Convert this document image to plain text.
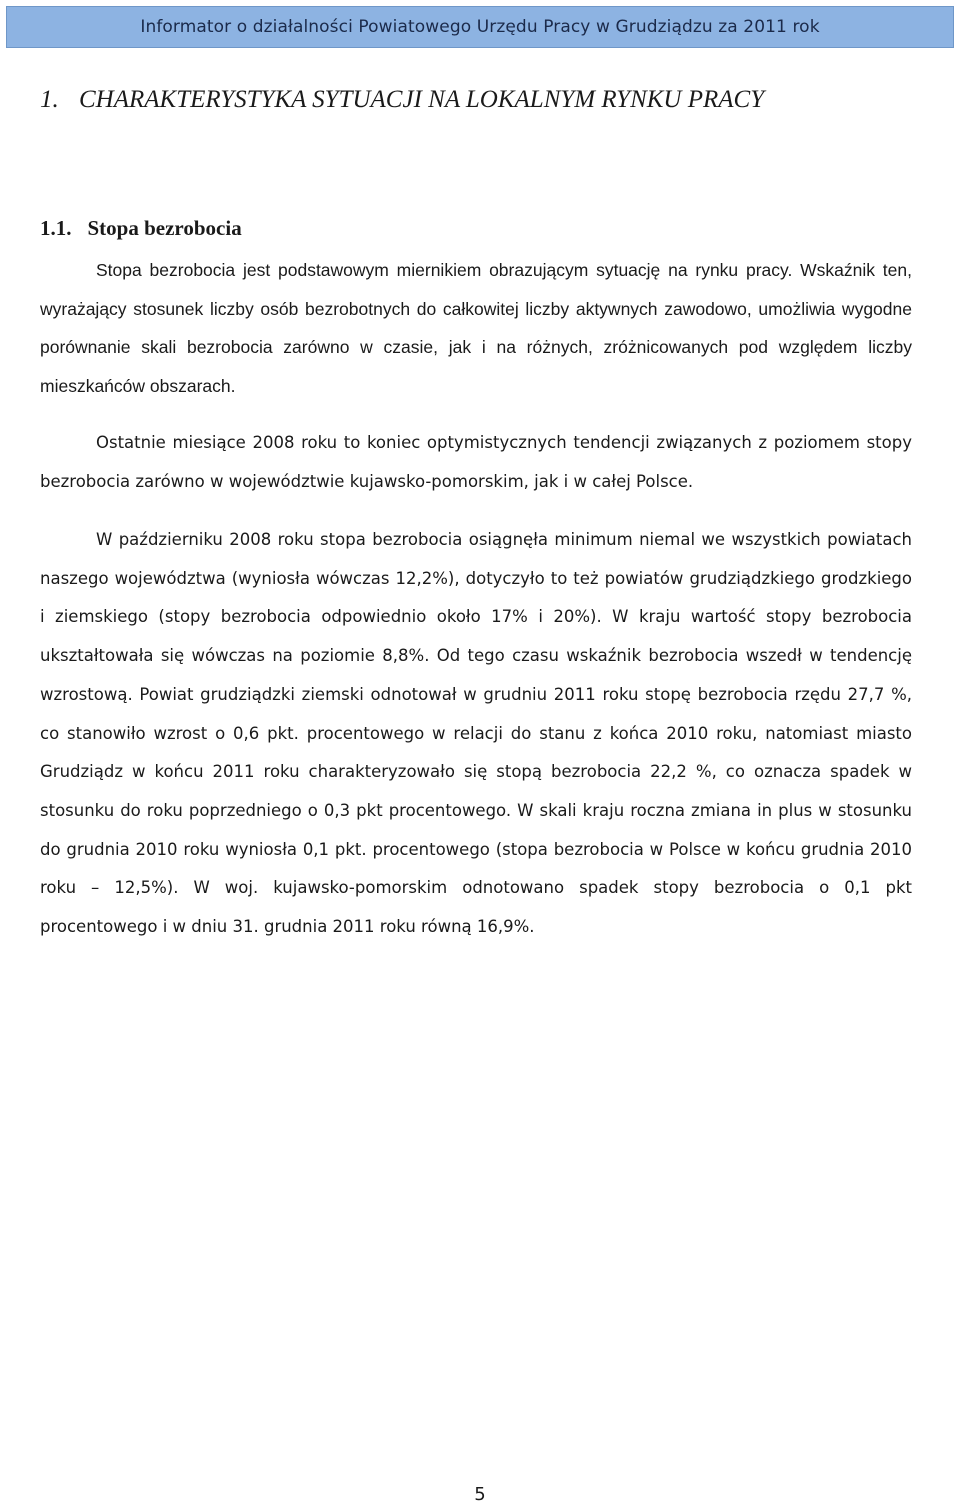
Informator o działalności Powiatowego Urzędu Pracy w Grudziądzu za 2011 rok
1. CHARAKTERYSTYKA SYTUACJI NA LOKALNYM RYNKU PRACY
1.1. Stopa bezrobocia

Stopa bezrobocia jest podstawowym miernikiem obrazującym sytuację na rynku pracy. Wskaźnik ten, wyrażający stosunek liczby osób bezrobotnych do całkowitej liczby aktywnych zawodowo, umożliwia wygodne porównanie skali bezrobocia zarówno w czasie, jak i na różnych, zróżnicowanych pod względem liczby mieszkańców obszarach.

Ostatnie miesiące 2008 roku to koniec optymistycznych tendencji związanych z poziomem stopy bezrobocia zarówno w województwie kujawsko-pomorskim, jak i w całej Polsce.

W październiku 2008 roku stopa bezrobocia osiągnęła minimum niemal we wszystkich powiatach naszego województwa (wyniosła wówczas 12,2%), dotyczyło to też powiatów grudziądzkiego grodzkiego i ziemskiego (stopy bezrobocia odpowiednio około 17% i 20%). W kraju wartość stopy bezrobocia ukształtowała się wówczas na poziomie 8,8%. Od tego czasu wskaźnik bezrobocia wszedł w tendencję wzrostową. Powiat grudziądzki ziemski odnotował w grudniu 2011 roku stopę bezrobocia rzędu 27,7 %, co stanowiło wzrost o 0,6 pkt. procentowego w relacji do stanu z końca 2010 roku, natomiast miasto Grudziądz w końcu 2011 roku charakteryzowało się stopą bezrobocia 22,2 %, co oznacza spadek w stosunku do roku poprzedniego o 0,3 pkt procentowego. W skali kraju roczna zmiana in plus w stosunku do grudnia 2010 roku wyniosła 0,1 pkt. procentowego (stopa bezrobocia w Polsce w końcu grudnia 2010 roku – 12,5%). W woj. kujawsko-pomorskim odnotowano spadek stopy bezrobocia o 0,1 pkt procentowego i w dniu 31. grudnia 2011 roku równą 16,9%.

5
